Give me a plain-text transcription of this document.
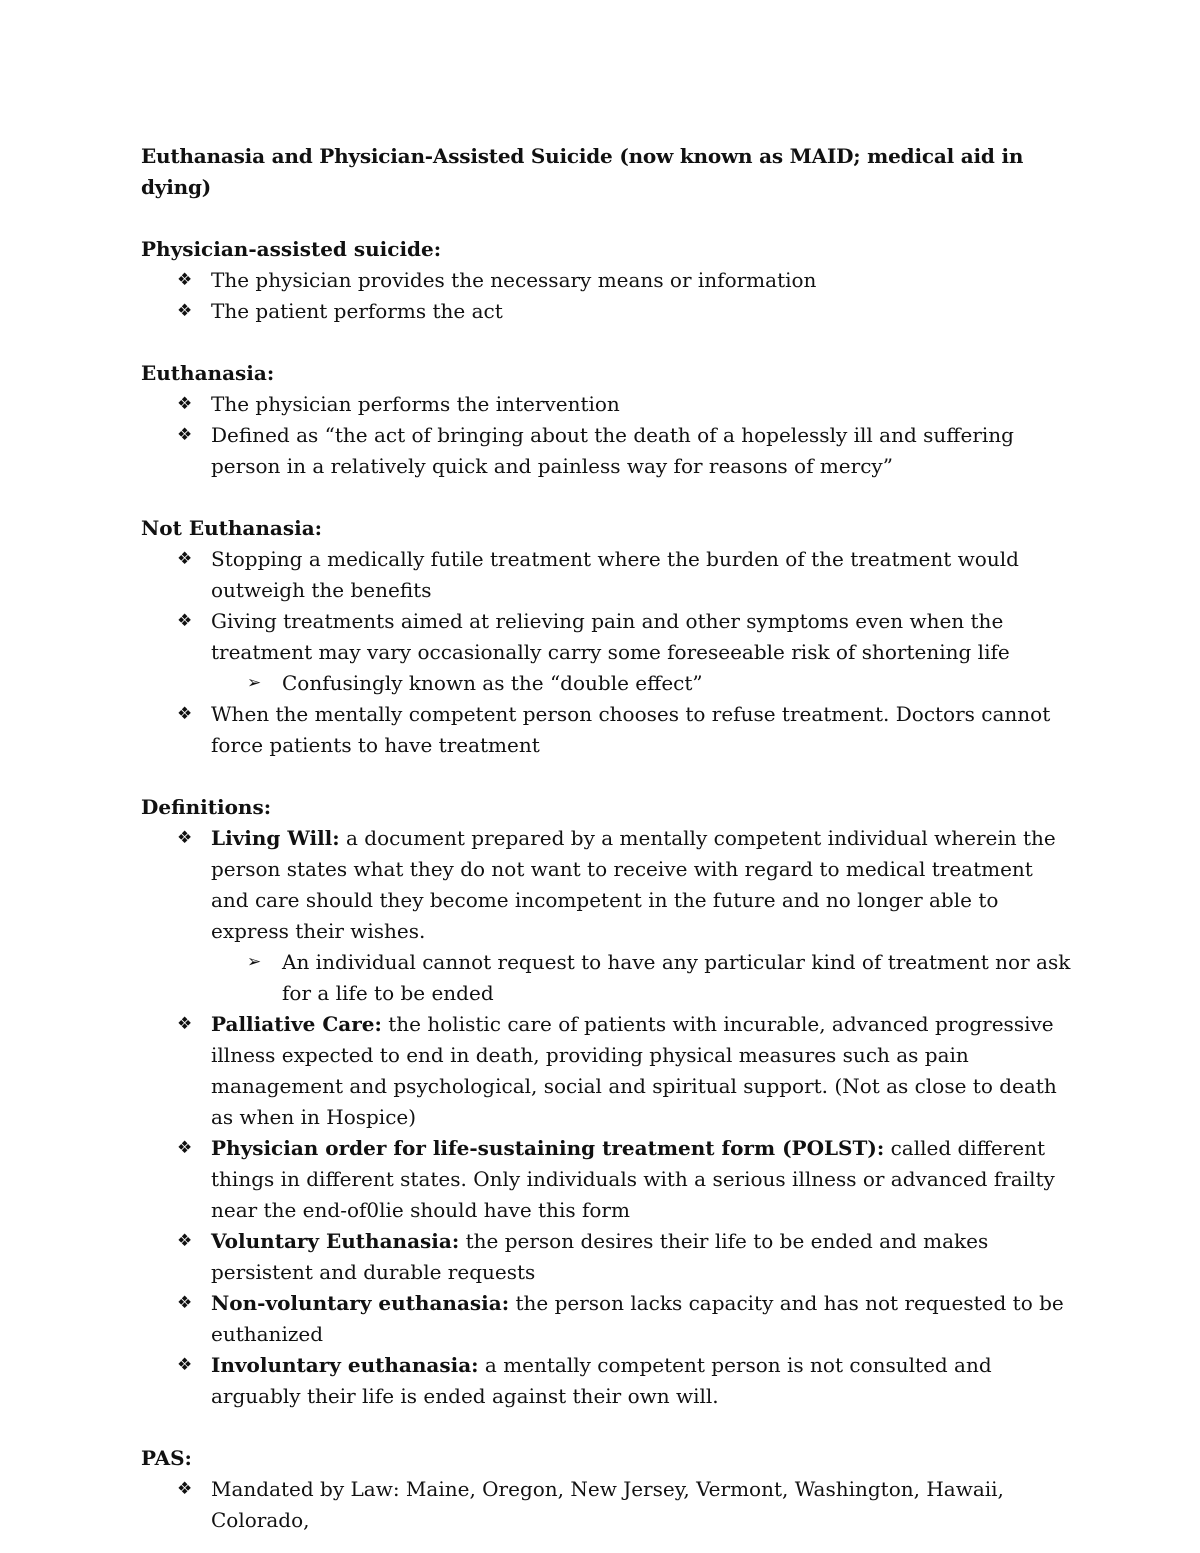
Euthanasia and Physician-Assisted Suicide (now known as MAID; medical aid in dying)

Physician-assisted suicide:

❖ The physician provides the necessary means or information
❖ The patient performs the act

Euthanasia:

❖ The physician performs the intervention
❖ Defined as “the act of bringing about the death of a hopelessly ill and suffering person in a relatively quick and painless way for reasons of mercy”

Not Euthanasia:

❖ Stopping a medically futile treatment where the burden of the treatment would outweigh the benefits
❖ Giving treatments aimed at relieving pain and other symptoms even when the treatment may vary occasionally carry some foreseeable risk of shortening life
➢	Confusingly known as the “double effect”
❖ When the mentally competent person chooses to refuse treatment. Doctors cannot force patients to have treatment

Definitions:

❖ Living Will: a document prepared by a mentally competent individual wherein the person states what they do not want to receive with regard to medical treatment and care should they become incompetent in the future and no longer able to express their wishes.
➢	An individual cannot request to have any particular kind of treatment nor ask for a life to be ended
❖ Palliative Care: the holistic care of patients with incurable, advanced progressive illness expected to end in death, providing physical measures such as pain management and psychological, social and spiritual support. (Not as close to death as when in Hospice)
❖ Physician order for life-sustaining treatment form (POLST): called different things in different states. Only individuals with a serious illness or advanced frailty near the end-of0lie should have this form
❖ Voluntary Euthanasia: the person desires their life to be ended and makes persistent and durable requests
❖ Non-voluntary euthanasia: the person lacks capacity and has not requested to be euthanized
❖ Involuntary euthanasia: a mentally competent person is not consulted and arguably their life is ended against their own will.

PAS:

❖ Mandated by Law: Maine, Oregon, New Jersey, Vermont, Washington, Hawaii, Colorado,
